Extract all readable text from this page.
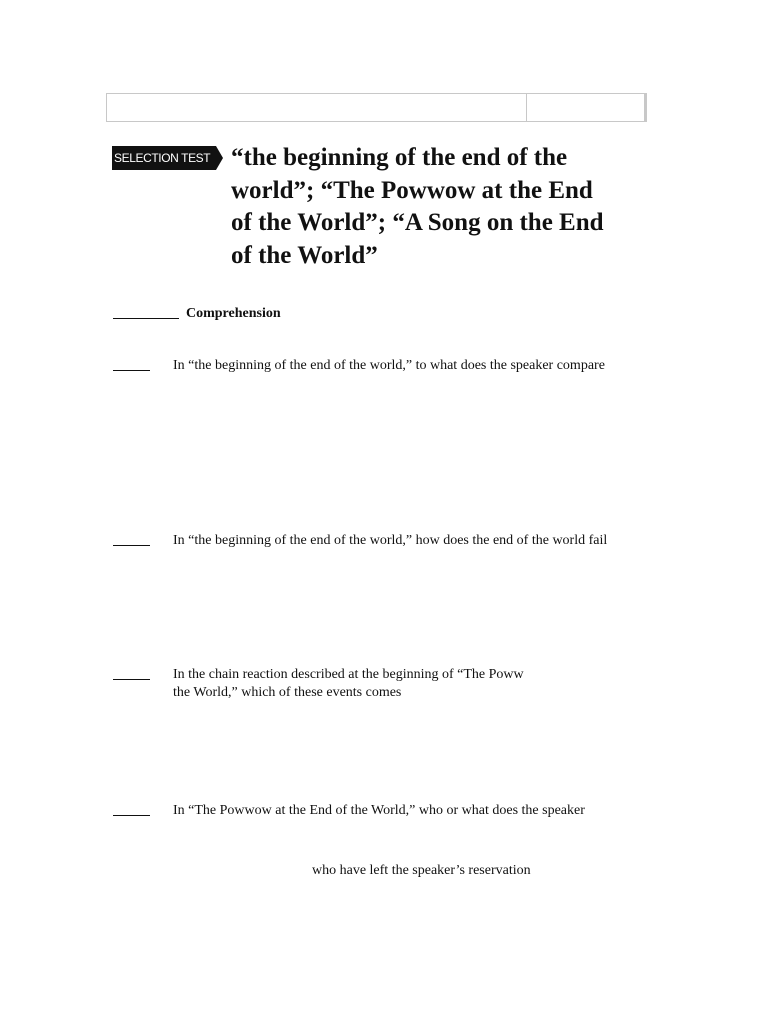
SELECTION TEST “the beginning of the end of the
world”; “The Powwow at the End
of the World”; “A Song on the End
of the World”
Comprehension
In “the beginning of the end of the world,” to what does the speaker compare
In “the beginning of the end of the world,” how does the end of the world fail
In the chain reaction described at the beginning of “The Poww
the World,” which of these events comes
In “The Powwow at the End of the World,” who or what does the speaker
who have left the speaker’s reservation
